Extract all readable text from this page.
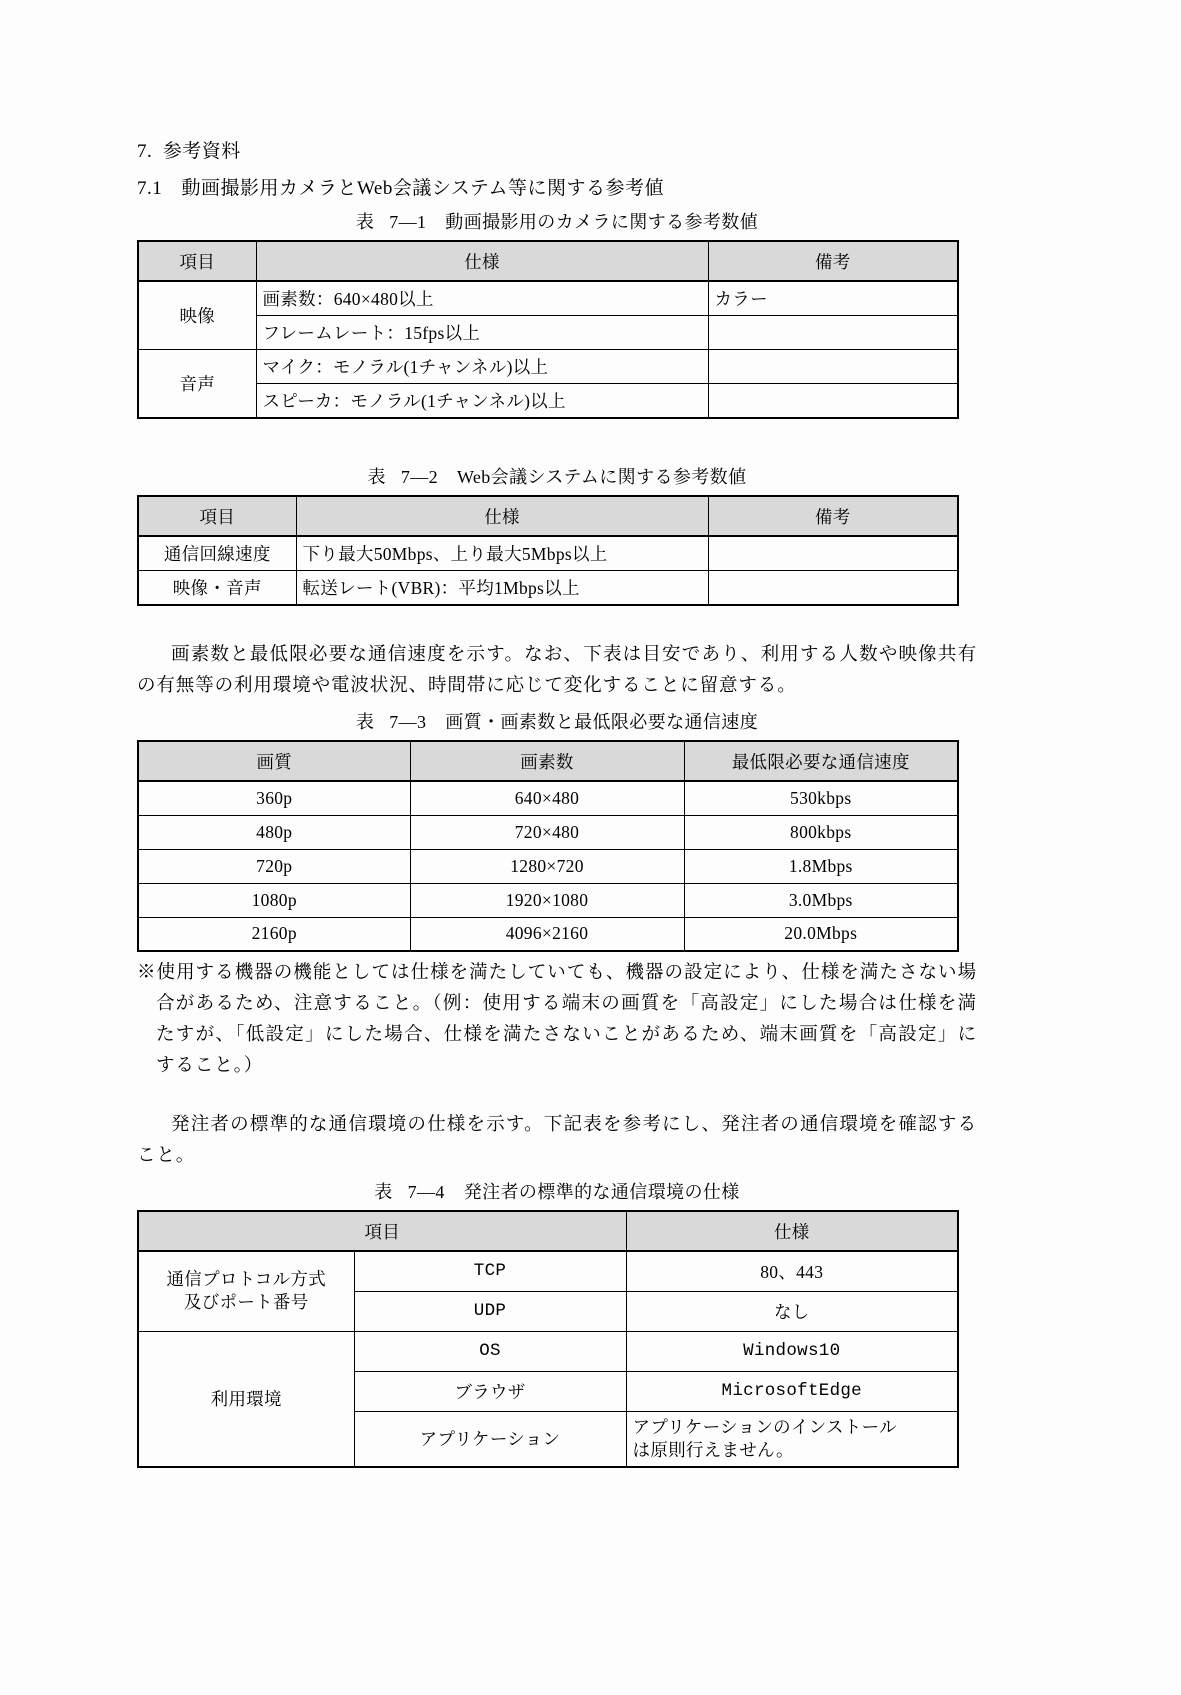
7. 参考資料
7.1 動画撮影用カメラとWeb会議システム等に関する参考値
表 7―1 動画撮影用のカメラに関する参考数値
項目	仕様	備考
映像	画素数：640×480以上	カラー
	フレームレート：15fps以上	
音声	マイク：モノラル(1チャンネル)以上	
	スピーカ：モノラル(1チャンネル)以上	
表 7―2 Web会議システムに関する参考数値
項目	仕様	備考
通信回線速度	下り最大50Mbps、上り最大5Mbps以上	
映像・音声	転送レート(VBR)：平均1Mbps以上	

画素数と最低限必要な通信速度を示す。なお、下表は目安であり、利用する人数や映像共有の有無等の利用環境や電波状況、時間帯に応じて変化することに留意する。

表 7―3 画質・画素数と最低限必要な通信速度
画質	画素数	最低限必要な通信速度
360p	640×480	530kbps
480p	720×480	800kbps
720p	1280×720	1.8Mbps
1080p	1920×1080	3.0Mbps
2160p	4096×2160	20.0Mbps

※使用する機器の機能としては仕様を満たしていても、機器の設定により、仕様を満たさない場合があるため、注意すること。（例：使用する端末の画質を「高設定」にした場合は仕様を満たすが、「低設定」にした場合、仕様を満たさないことがあるため、端末画質を「高設定」にすること。）

発注者の標準的な通信環境の仕様を示す。下記表を参考にし、発注者の通信環境を確認すること。

表 7―4 発注者の標準的な通信環境の仕様
項目		仕様
通信プロトコル方式
及びポート番号	TCP	80、443
	UDP	なし
利用環境	OS	Windows10
	ブラウザ	MicrosoftEdge
	アプリケーション	アプリケーションのインストール
は原則行えません。
